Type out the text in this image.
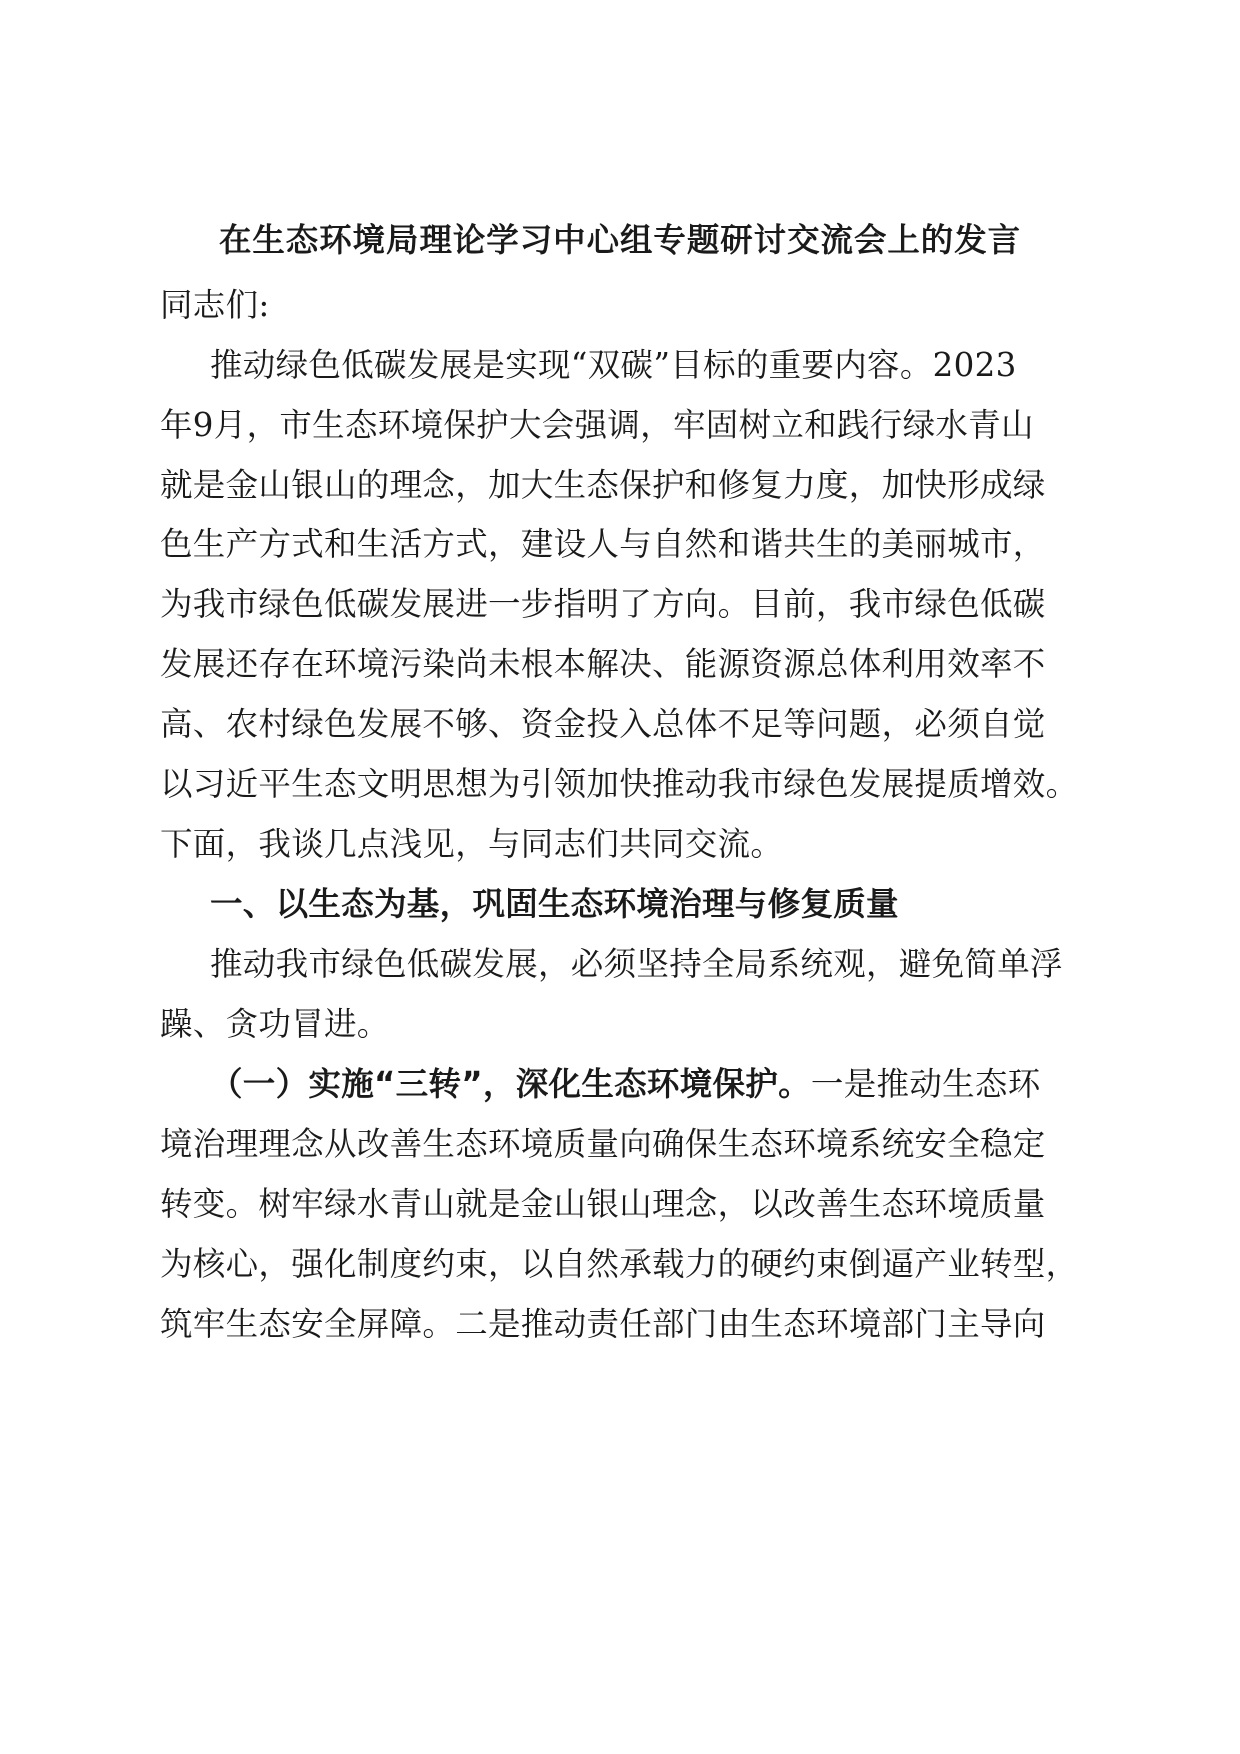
在生态环境局理论学习中心组专题研讨交流会上的发言
同志们:
推动绿色低碳发展是实现“双碳”目标的重要内容。2023
年9月，市生态环境保护大会强调，牢固树立和践行绿水青山
就是金山银山的理念，加大生态保护和修复力度，加快形成绿
色生产方式和生活方式，建设人与自然和谐共生的美丽城市，
为我市绿色低碳发展进一步指明了方向。目前，我市绿色低碳
发展还存在环境污染尚未根本解决、能源资源总体利用效率不
高、农村绿色发展不够、资金投入总体不足等问题，必须自觉
以习近平生态文明思想为引领加快推动我市绿色发展提质增效。
下面，我谈几点浅见，与同志们共同交流。
一、以生态为基，巩固生态环境治理与修复质量
推动我市绿色低碳发展，必须坚持全局系统观，避免简单浮
躁、贪功冒进。
（一）实施“三转”，深化生态环境保护。一是推动生态环
境治理理念从改善生态环境质量向确保生态环境系统安全稳定
转变。树牢绿水青山就是金山银山理念，以改善生态环境质量
为核心，强化制度约束，以自然承载力的硬约束倒逼产业转型，
筑牢生态安全屏障。二是推动责任部门由生态环境部门主导向
